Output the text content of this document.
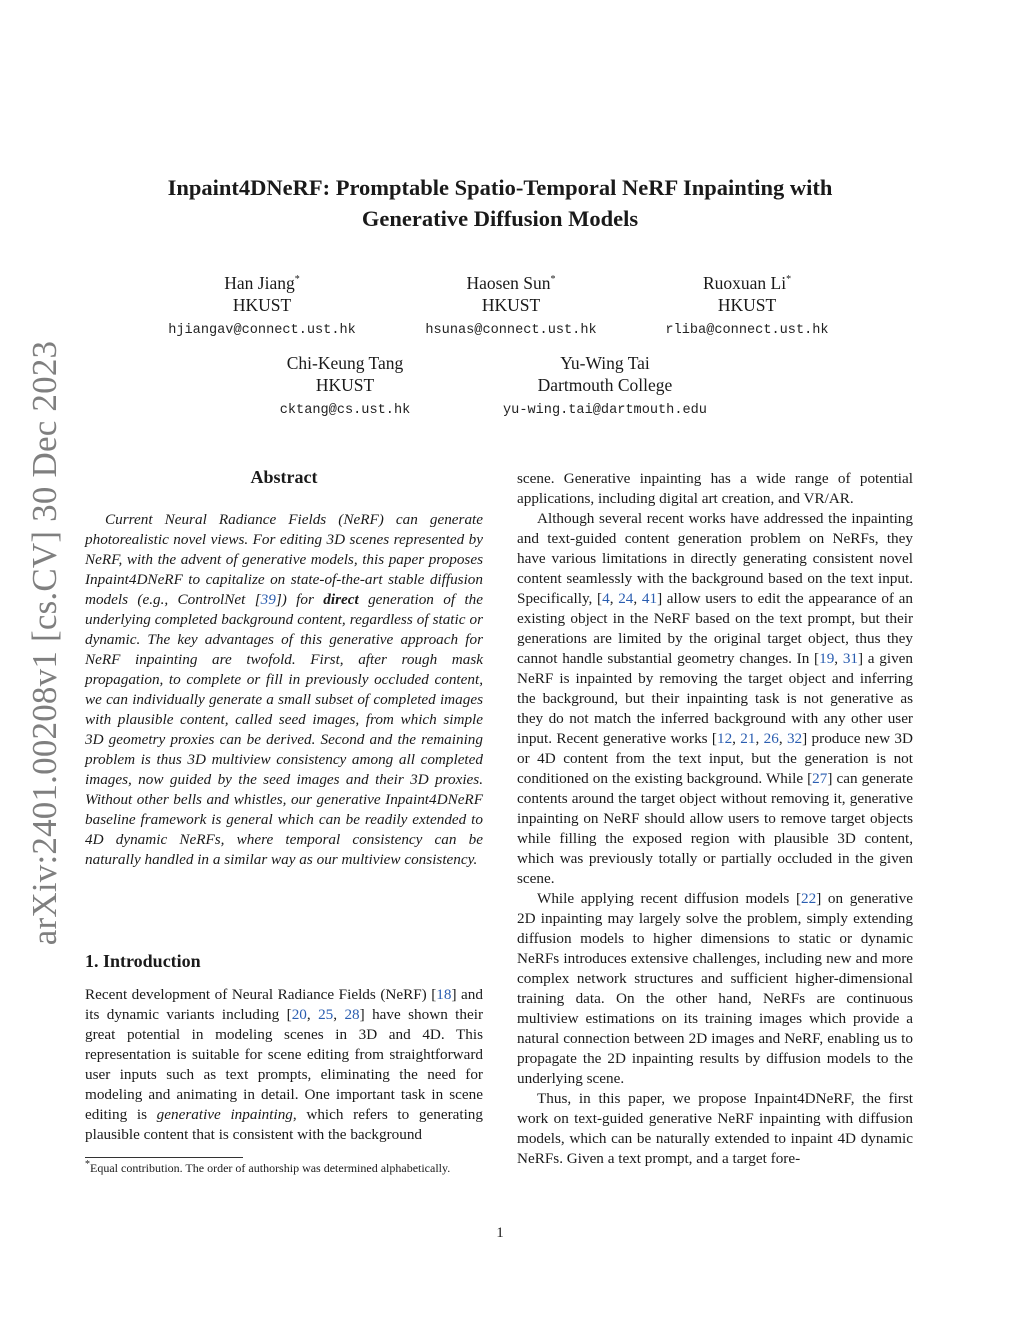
arXiv:2401.00208v1 [cs.CV] 30 Dec 2023
Inpaint4DNeRF: Promptable Spatio-Temporal NeRF Inpainting with
Generative Diffusion Models
Han Jiang*
HKUST
hjiangav@connect.ust.hk
Haosen Sun*
HKUST
hsunas@connect.ust.hk
Ruoxuan Li*
HKUST
rliba@connect.ust.hk
Chi-Keung Tang
HKUST
cktang@cs.ust.hk
Yu-Wing Tai
Dartmouth College
yu-wing.tai@dartmouth.edu
Abstract

Current Neural Radiance Fields (NeRF) can generate photorealistic novel views. For editing 3D scenes represented by NeRF, with the advent of generative models, this paper proposes Inpaint4DNeRF to capitalize on state-of-the-art stable diffusion models (e.g., ControlNet [39]) for direct generation of the underlying completed background content, regardless of static or dynamic. The key advantages of this generative approach for NeRF inpainting are twofold. First, after rough mask propagation, to complete or fill in previously occluded content, we can individually generate a small subset of completed images with plausible content, called seed images, from which simple 3D geometry proxies can be derived. Second and the remaining problem is thus 3D multiview consistency among all completed images, now guided by the seed images and their 3D proxies. Without other bells and whistles, our generative Inpaint4DNeRF baseline framework is general which can be readily extended to 4D dynamic NeRFs, where temporal consistency can be naturally handled in a similar way as our multiview consistency.

1. Introduction

Recent development of Neural Radiance Fields (NeRF) [18] and its dynamic variants including [20, 25, 28] have shown their great potential in modeling scenes in 3D and 4D. This representation is suitable for scene editing from straightforward user inputs such as text prompts, eliminating the need for modeling and animating in detail. One important task in scene editing is generative inpainting, which refers to generating plausible content that is consistent with the background

*Equal contribution. The order of authorship was determined alphabetically.

scene. Generative inpainting has a wide range of potential applications, including digital art creation, and VR/AR.

Although several recent works have addressed the inpainting and text-guided content generation problem on NeRFs, they have various limitations in directly generating consistent novel content seamlessly with the background based on the text input. Specifically, [4, 24, 41] allow users to edit the appearance of an existing object in the NeRF based on the text prompt, but their generations are limited by the original target object, thus they cannot handle substantial geometry changes. In [19, 31] a given NeRF is inpainted by removing the target object and inferring the background, but their inpainting task is not generative as they do not match the inferred background with any other user input. Recent generative works [12, 21, 26, 32] produce new 3D or 4D content from the text input, but the generation is not conditioned on the existing background. While [27] can generate contents around the target object without removing it, generative inpainting on NeRF should allow users to remove target objects while filling the exposed region with plausible 3D content, which was previously totally or partially occluded in the given scene.

While applying recent diffusion models [22] on generative 2D inpainting may largely solve the problem, simply extending diffusion models to higher dimensions to static or dynamic NeRFs introduces extensive challenges, including new and more complex network structures and sufficient higher-dimensional training data. On the other hand, NeRFs are continuous multiview estimations on its training images which provide a natural connection between 2D images and NeRF, enabling us to propagate the 2D inpainting results by diffusion models to the underlying scene.

Thus, in this paper, we propose Inpaint4DNeRF, the first work on text-guided generative NeRF inpainting with diffusion models, which can be naturally extended to inpaint 4D dynamic NeRFs. Given a text prompt, and a target fore-

1
